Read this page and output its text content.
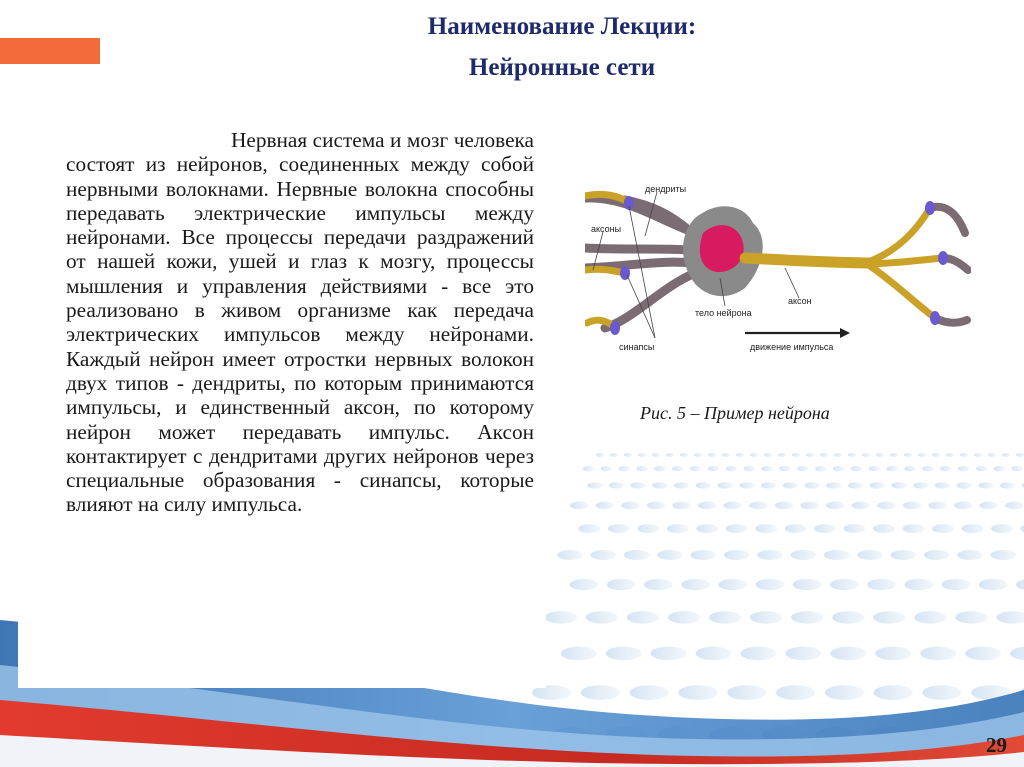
Наименование Лекции:
Нейронные сети

Нервная система и мозг человека состоят из нейронов, соединенных между собой нервными волокнами. Нервные волокна способны передавать электрические импульсы между нейронами. Все процессы передачи раздражений от нашей кожи, ушей и глаз к мозгу, процессы мышления и управления действиями - все это реализовано в живом организме как передача электрических импульсов между нейронами. Каждый нейрон имеет отростки нервных волокон двух типов - дендриты, по которым принимаются импульсы, и единственный аксон, по которому нейрон может передавать импульс. Аксон контактирует с дендритами других нейронов через специальные образования - синапсы, которые влияют на силу импульса.

дендриты
аксоны
аксон
тело нейрона
синапсы	движение импульса
Рис. 5 – Пример нейрона
29
